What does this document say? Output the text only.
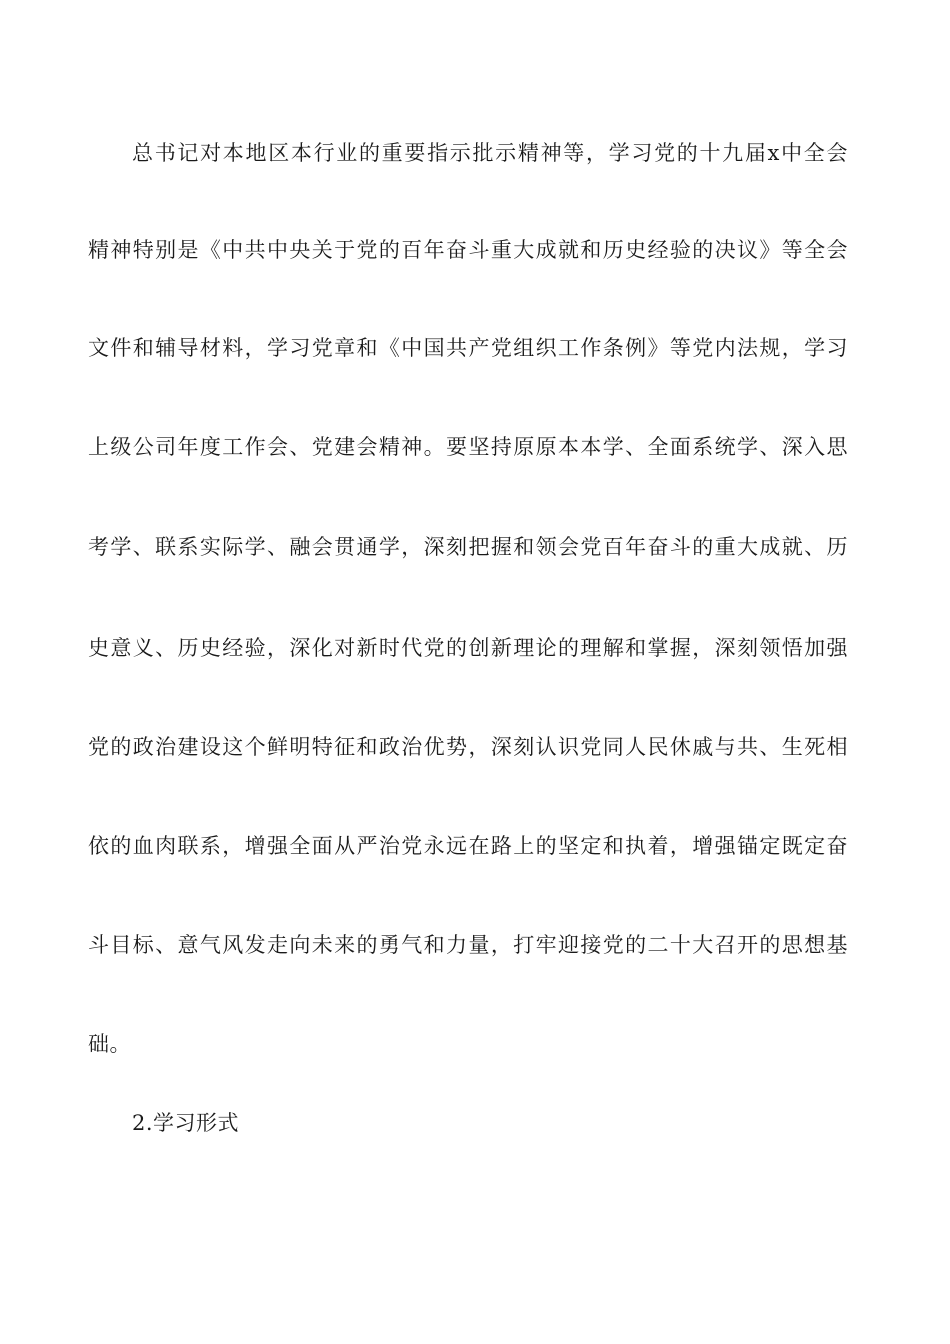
总书记对本地区本行业的重要指示批示精神等，学习党的十九届x中全会
精神特别是《中共中央关于党的百年奋斗重大成就和历史经验的决议》等全会
文件和辅导材料，学习党章和《中国共产党组织工作条例》等党内法规，学习
上级公司年度工作会、党建会精神。要坚持原原本本学、全面系统学、深入思
考学、联系实际学、融会贯通学，深刻把握和领会党百年奋斗的重大成就、历
史意义、历史经验，深化对新时代党的创新理论的理解和掌握，深刻领悟加强
党的政治建设这个鲜明特征和政治优势，深刻认识党同人民休戚与共、生死相
依的血肉联系，增强全面从严治党永远在路上的坚定和执着，增强锚定既定奋
斗目标、意气风发走向未来的勇气和力量，打牢迎接党的二十大召开的思想基
础。
2.学习形式
